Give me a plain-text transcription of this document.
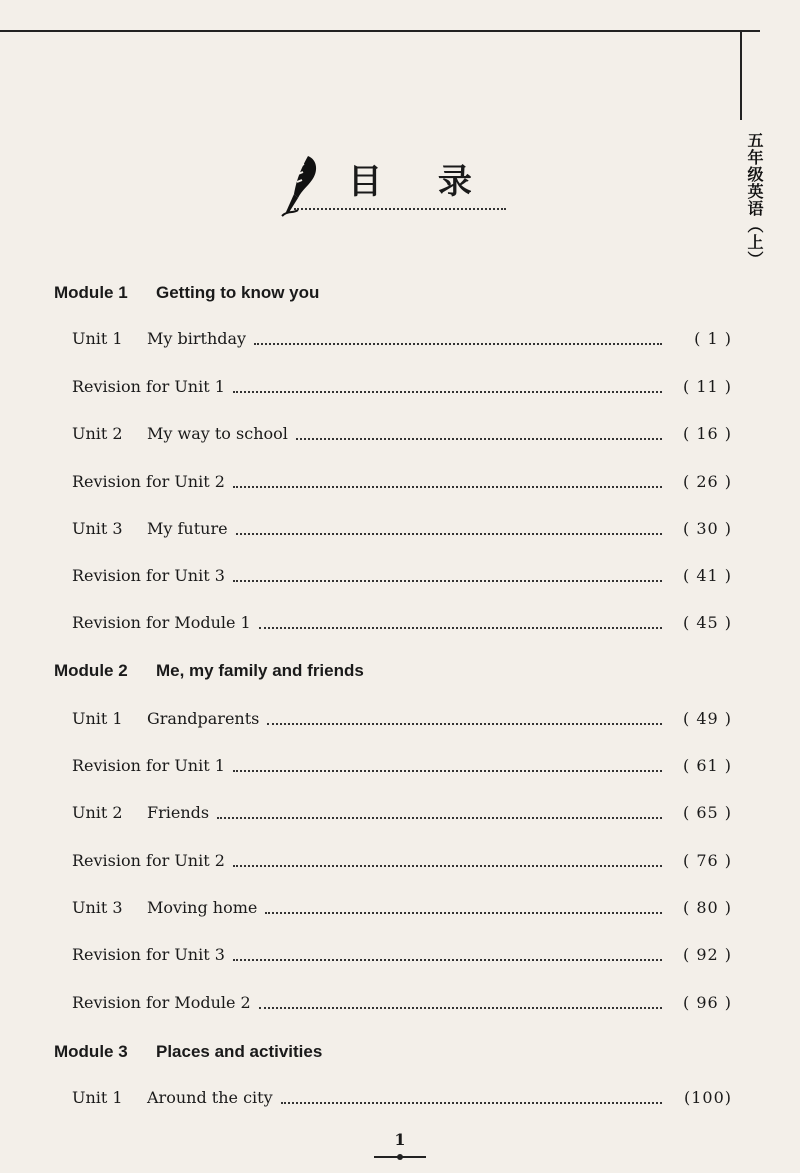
五年级英语（上）
目 录
Module 1 Getting to know you
Unit 1	My birthday	( 1 )
Revision for Unit 1	( 11 )
Unit 2	My way to school	( 16 )
Revision for Unit 2	( 26 )
Unit 3	My future	( 30 )
Revision for Unit 3	( 41 )
Revision for Module 1	( 45 )
Module 2 Me, my family and friends
Unit 1	Grandparents	( 49 )
Revision for Unit 1	( 61 )
Unit 2	Friends	( 65 )
Revision for Unit 2	( 76 )
Unit 3	Moving home	( 80 )
Revision for Unit 3	( 92 )
Revision for Module 2	( 96 )
Module 3 Places and activities
Unit 1	Around the city	(100)
1
